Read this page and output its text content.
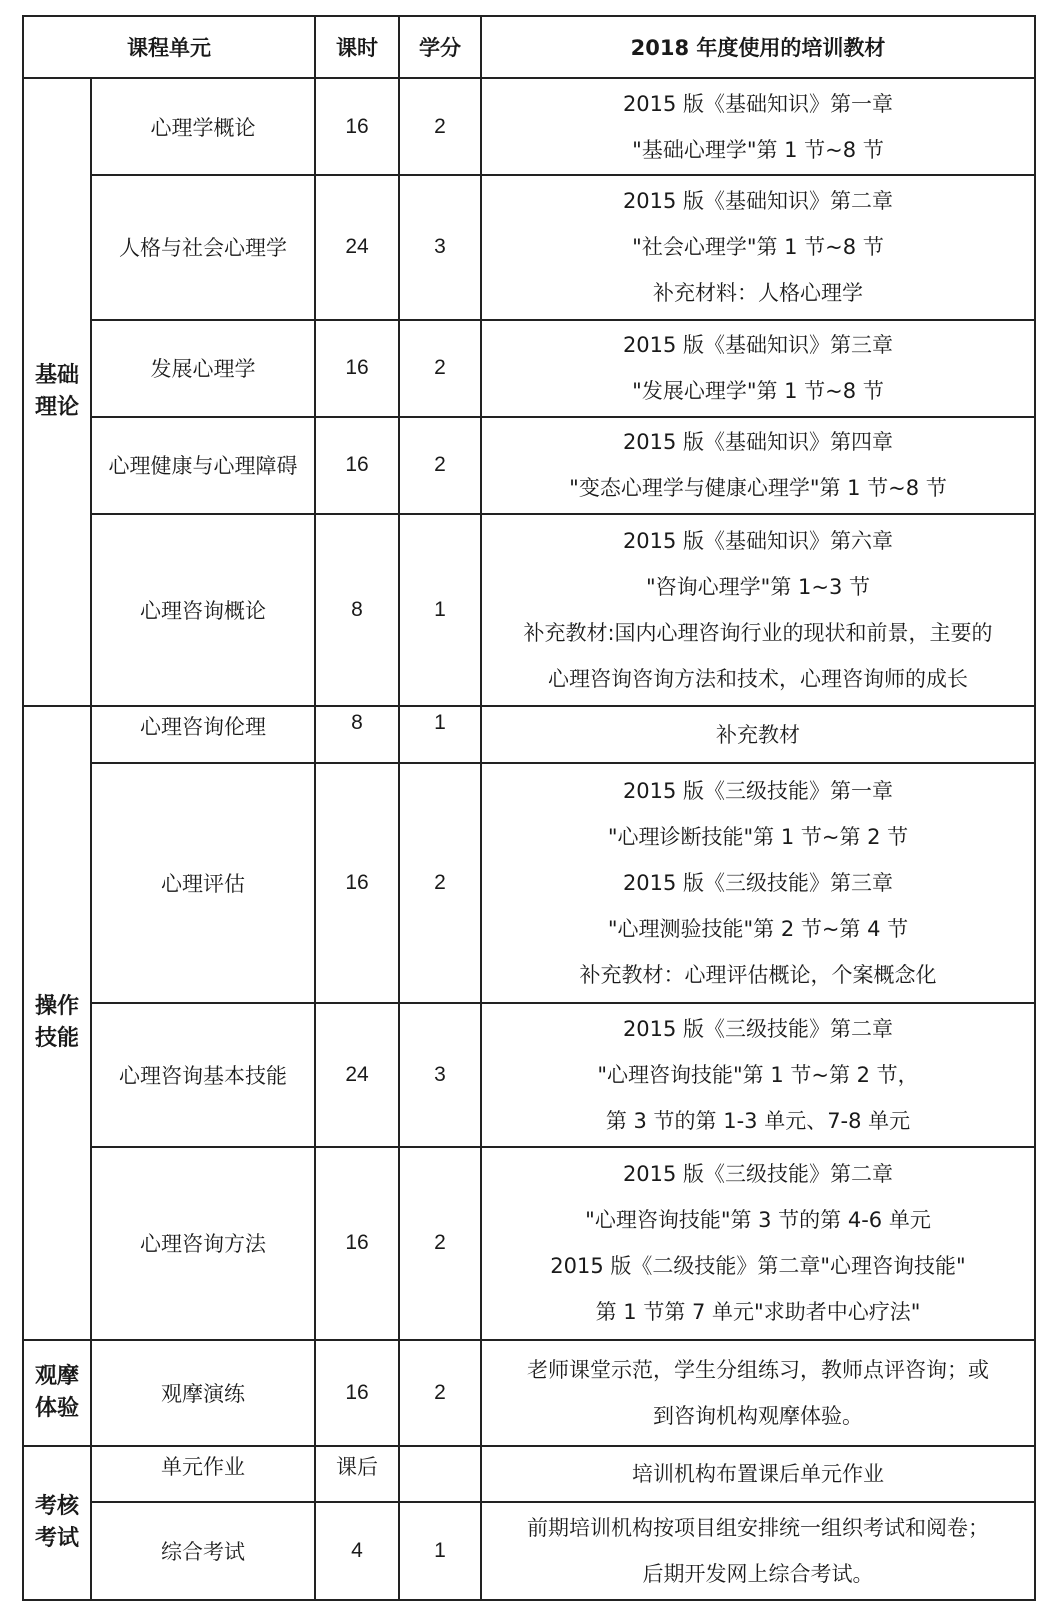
课程单元		课时	学分	2018 年度使用的培训教材

基础
理论	心理学概论	16	2	2015 版《基础知识》第一章
"基础心理学"第 1 节~8 节

	人格与社会心理学	24	3	2015 版《基础知识》第二章
"社会心理学"第 1 节~8 节
补充材料：人格心理学

	发展心理学	16	2	2015 版《基础知识》第三章
"发展心理学"第 1 节~8 节

	心理健康与心理障碍	16	2	2015 版《基础知识》第四章
"变态心理学与健康心理学"第 1 节~8 节

	心理咨询概论	8	1	2015 版《基础知识》第六章
"咨询心理学"第 1~3 节
补充教材:国内心理咨询行业的现状和前景，主要的
心理咨询咨询方法和技术，心理咨询师的成长

操作
技能	心理咨询伦理	8	1	补充教材

	心理评估	16	2	2015 版《三级技能》第一章
"心理诊断技能"第 1 节~第 2 节
2015 版《三级技能》第三章
"心理测验技能"第 2 节~第 4 节
补充教材：心理评估概论，个案概念化

	心理咨询基本技能	24	3	2015 版《三级技能》第二章
"心理咨询技能"第 1 节~第 2 节，
第 3 节的第 1-3 单元、7-8 单元

	心理咨询方法	16	2	2015 版《三级技能》第二章
"心理咨询技能"第 3 节的第 4-6 单元
2015 版《二级技能》第二章"心理咨询技能"
第 1 节第 7 单元"求助者中心疗法"

观摩
体验	观摩演练	16	2	老师课堂示范，学生分组练习，教师点评咨询；或
到咨询机构观摩体验。

考核
考试	单元作业	课后		培训机构布置课后单元作业

	综合考试	4	1	前期培训机构按项目组安排统一组织考试和阅卷；
后期开发网上综合考试。
